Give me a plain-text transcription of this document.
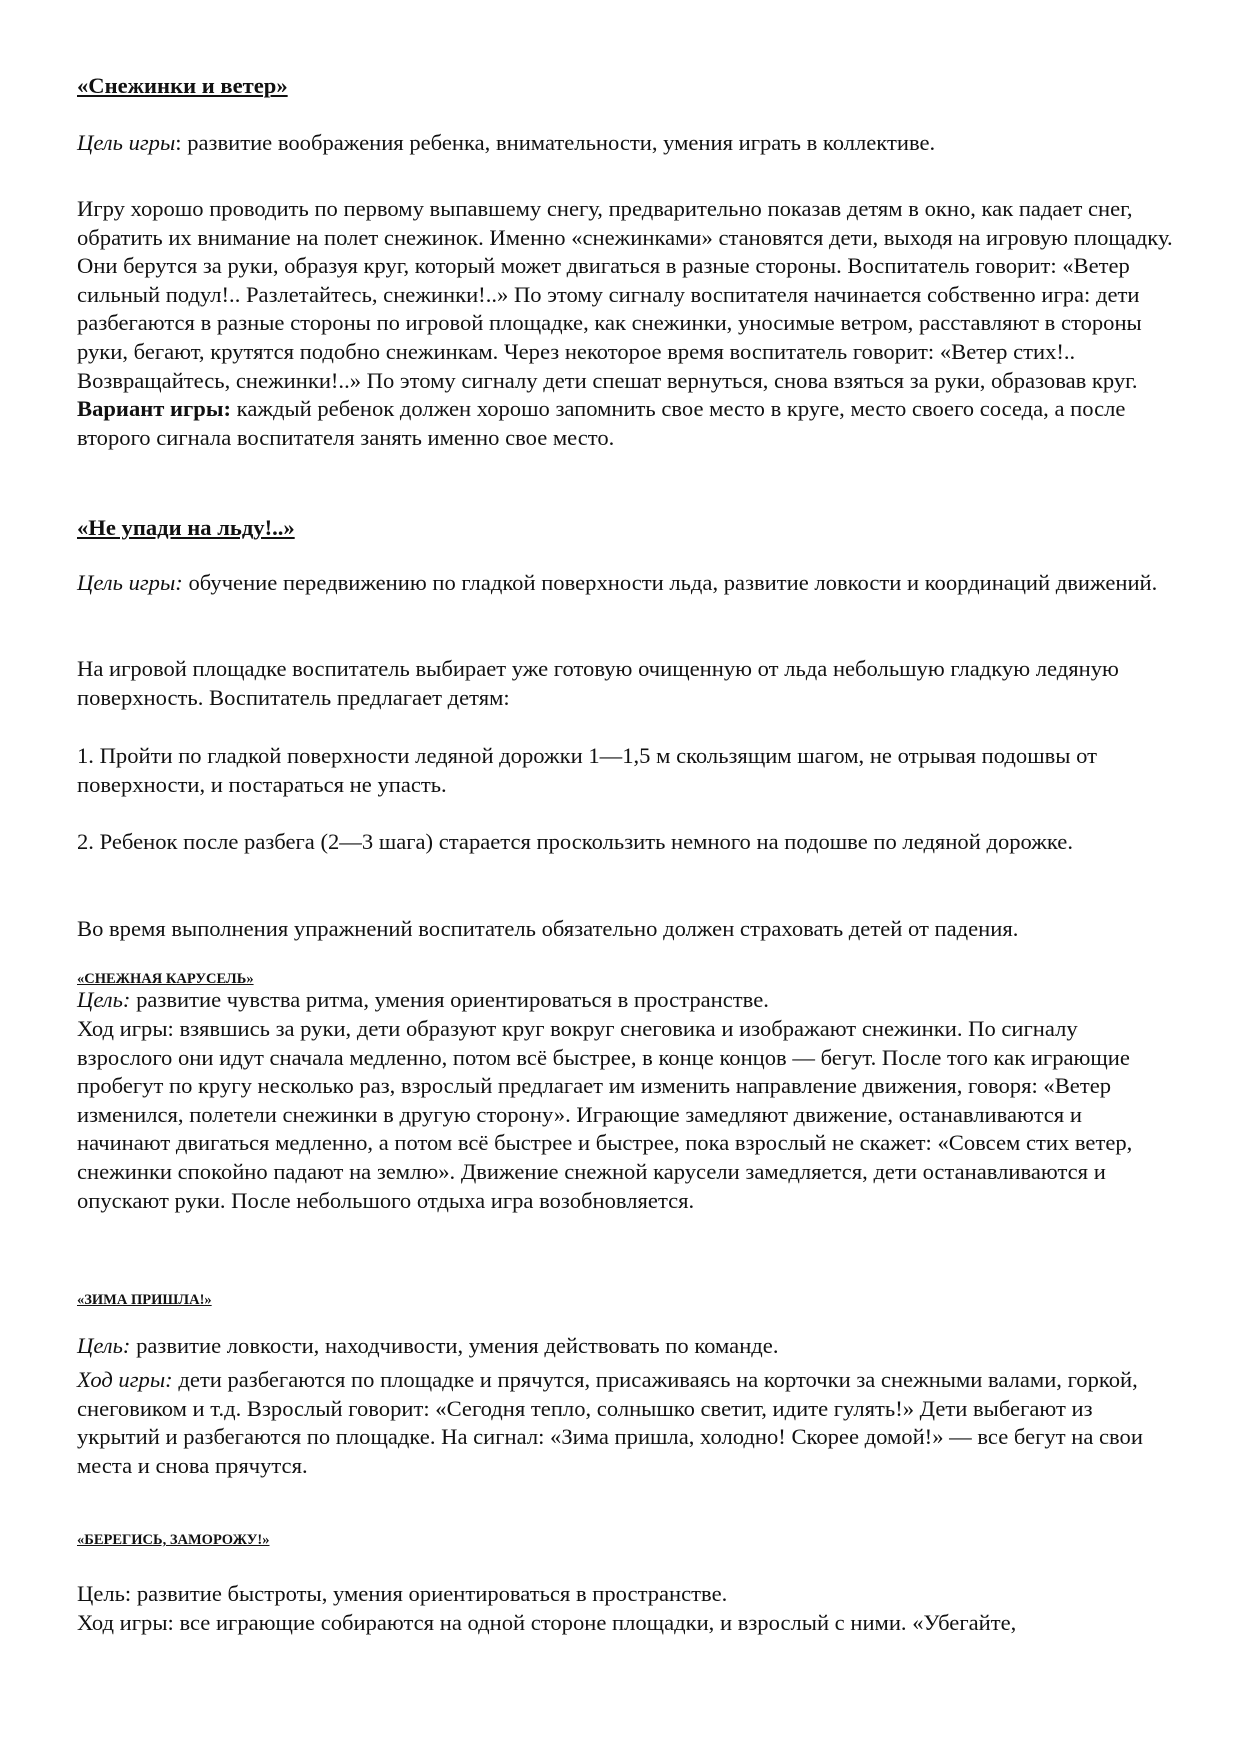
«Снежинки и ветер»

Цель игры: развитие воображения ребенка, внимательности, умения играть в коллективе.

Игру хорошо проводить по первому выпавшему снегу, предварительно показав детям в окно, как падает снег, обратить их внимание на полет снежинок. Именно «снежинками» становятся дети, выходя на игровую площадку. Они берутся за руки, образуя круг, который может двигаться в разные стороны. Воспитатель говорит: «Ветер сильный подул!.. Разлетайтесь, снежинки!..» По этому сигналу воспитателя начинается собственно игра: дети разбегаются в разные стороны по игровой площадке, как снежинки, уносимые ветром, расставляют в стороны руки, бегают, крутятся подобно снежинкам. Через некоторое время воспитатель говорит: «Ветер стих!.. Возвращайтесь, снежинки!..» По этому сигналу дети спешат вернуться, снова взяться за руки, образовав круг. Вариант игры: каждый ребенок должен хорошо запомнить свое место в круге, место своего соседа, а после второго сигнала воспитателя занять именно свое место.

«Не упади на льду!..»

Цель игры: обучение передвижению по гладкой поверхности льда, развитие ловкости и координаций движений.

На игровой площадке воспитатель выбирает уже готовую очищенную от льда небольшую гладкую ледяную поверхность. Воспитатель предлагает детям:

1. Пройти по гладкой поверхности ледяной дорожки 1—1,5 м скользящим шагом, не отрывая подошвы от поверхности, и постараться не упасть.

2. Ребенок после разбега (2—3 шага) старается проскользить немного на подошве по ледяной дорожке.

Во время выполнения упражнений воспитатель обязательно должен страховать детей от падения.

«СНЕЖНАЯ КАРУСЕЛЬ»

Цель: развитие чувства ритма, умения ориентироваться в пространстве.

Ход игры: взявшись за руки, дети образуют круг вокруг снеговика и изображают снежинки. По сигналу взрослого они идут сначала медленно, потом всё быстрее, в конце концов — бегут. После того как играющие пробегут по кругу несколько раз, взрослый предлагает им изменить направление движения, говоря: «Ветер изменился, полетели снежинки в другую сторону». Играющие замедляют движение, останавливаются и начинают двигаться медленно, а потом всё быстрее и быстрее, пока взрослый не скажет: «Совсем стих ветер, снежинки спокойно падают на землю». Движение снежной карусели замедляется, дети останавливаются и опускают руки. После небольшого отдыха игра возобновляется.

«ЗИМА ПРИШЛА!»

Цель: развитие ловкости, находчивости, умения действовать по команде.

Ход игры: дети разбегаются по площадке и прячутся, присаживаясь на корточки за снежными валами, горкой, снеговиком и т.д. Взрослый говорит: «Сегодня тепло, солнышко светит, идите гулять!» Дети выбегают из укрытий и разбегаются по площадке. На сигнал: «Зима пришла, холодно! Скорее домой!» — все бегут на свои места и снова прячутся.

«БЕРЕГИСЬ, ЗАМОРОЖУ!»

Цель: развитие быстроты, умения ориентироваться в пространстве.

Ход игры: все играющие собираются на одной стороне площадки, и взрослый с ними. «Убегайте,
